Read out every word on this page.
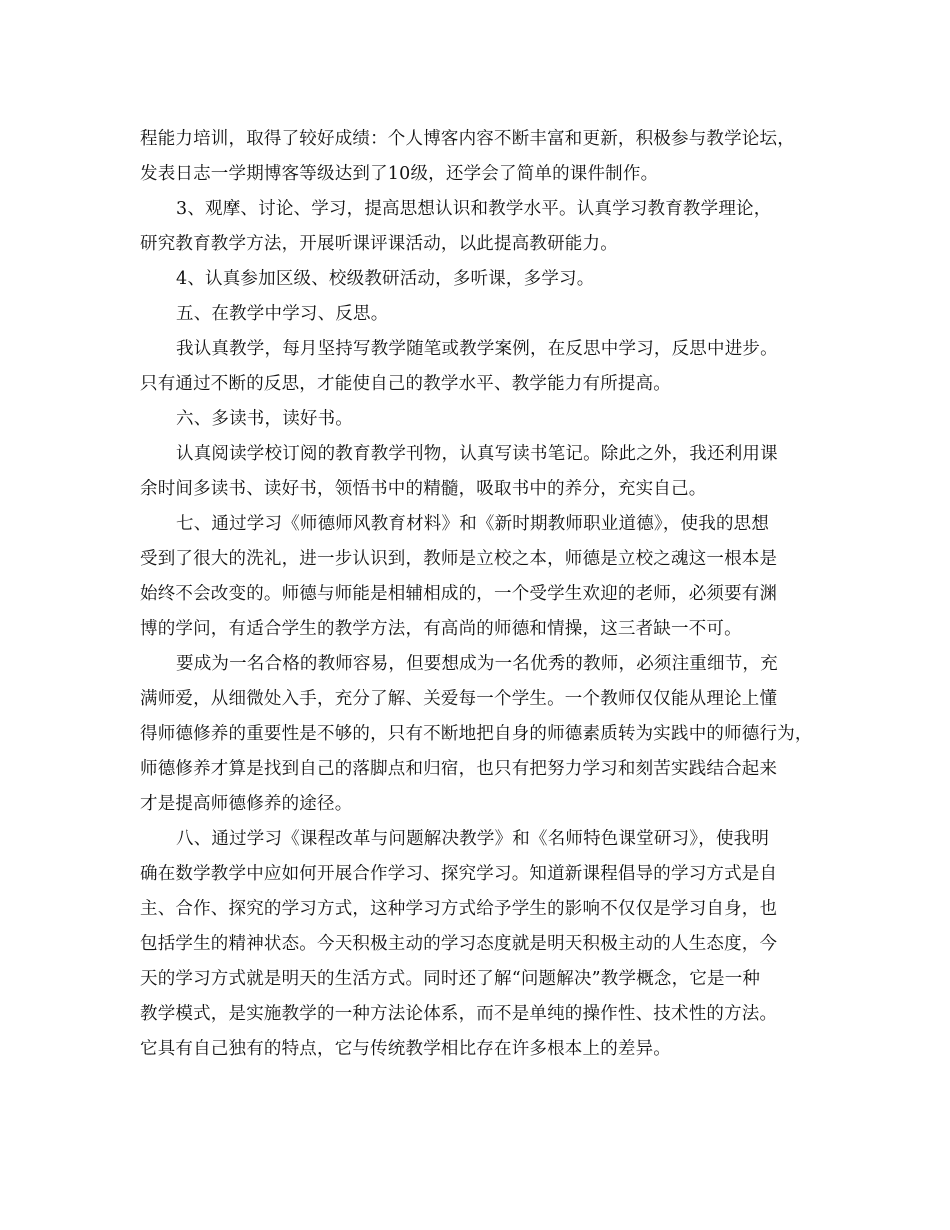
程能力培训，取得了较好成绩：个人博客内容不断丰富和更新，积极参与教学论坛，
发表日志一学期博客等级达到了10级，还学会了简单的课件制作。

3、观摩、讨论、学习，提高思想认识和教学水平。认真学习教育教学理论，
研究教育教学方法，开展听课评课活动，以此提高教研能力。

4、认真参加区级、校级教研活动，多听课，多学习。

五、在教学中学习、反思。

我认真教学，每月坚持写教学随笔或教学案例，在反思中学习，反思中进步。
只有通过不断的反思，才能使自己的教学水平、教学能力有所提高。

六、多读书，读好书。

认真阅读学校订阅的教育教学刊物，认真写读书笔记。除此之外，我还利用课
余时间多读书、读好书，领悟书中的精髓，吸取书中的养分，充实自己。

七、通过学习《师德师风教育材料》和《新时期教师职业道德》，使我的思想
受到了很大的洗礼，进一步认识到，教师是立校之本，师德是立校之魂这一根本是
始终不会改变的。师德与师能是相辅相成的，一个受学生欢迎的老师，必须要有渊
博的学问，有适合学生的教学方法，有高尚的师德和情操，这三者缺一不可。

要成为一名合格的教师容易，但要想成为一名优秀的教师，必须注重细节，充
满师爱，从细微处入手，充分了解、关爱每一个学生。一个教师仅仅能从理论上懂
得师德修养的重要性是不够的，只有不断地把自身的师德素质转为实践中的师德行为，
师德修养才算是找到自己的落脚点和归宿，也只有把努力学习和刻苦实践结合起来
才是提高师德修养的途径。

八、通过学习《课程改革与问题解决教学》和《名师特色课堂研习》，使我明
确在数学教学中应如何开展合作学习、探究学习。知道新课程倡导的学习方式是自
主、合作、探究的学习方式，这种学习方式给予学生的影响不仅仅是学习自身，也
包括学生的精神状态。今天积极主动的学习态度就是明天积极主动的人生态度，今
天的学习方式就是明天的生活方式。同时还了解“问题解决”教学概念，它是一种
教学模式，是实施教学的一种方法论体系，而不是单纯的操作性、技术性的方法。
它具有自己独有的特点，它与传统教学相比存在许多根本上的差异。
